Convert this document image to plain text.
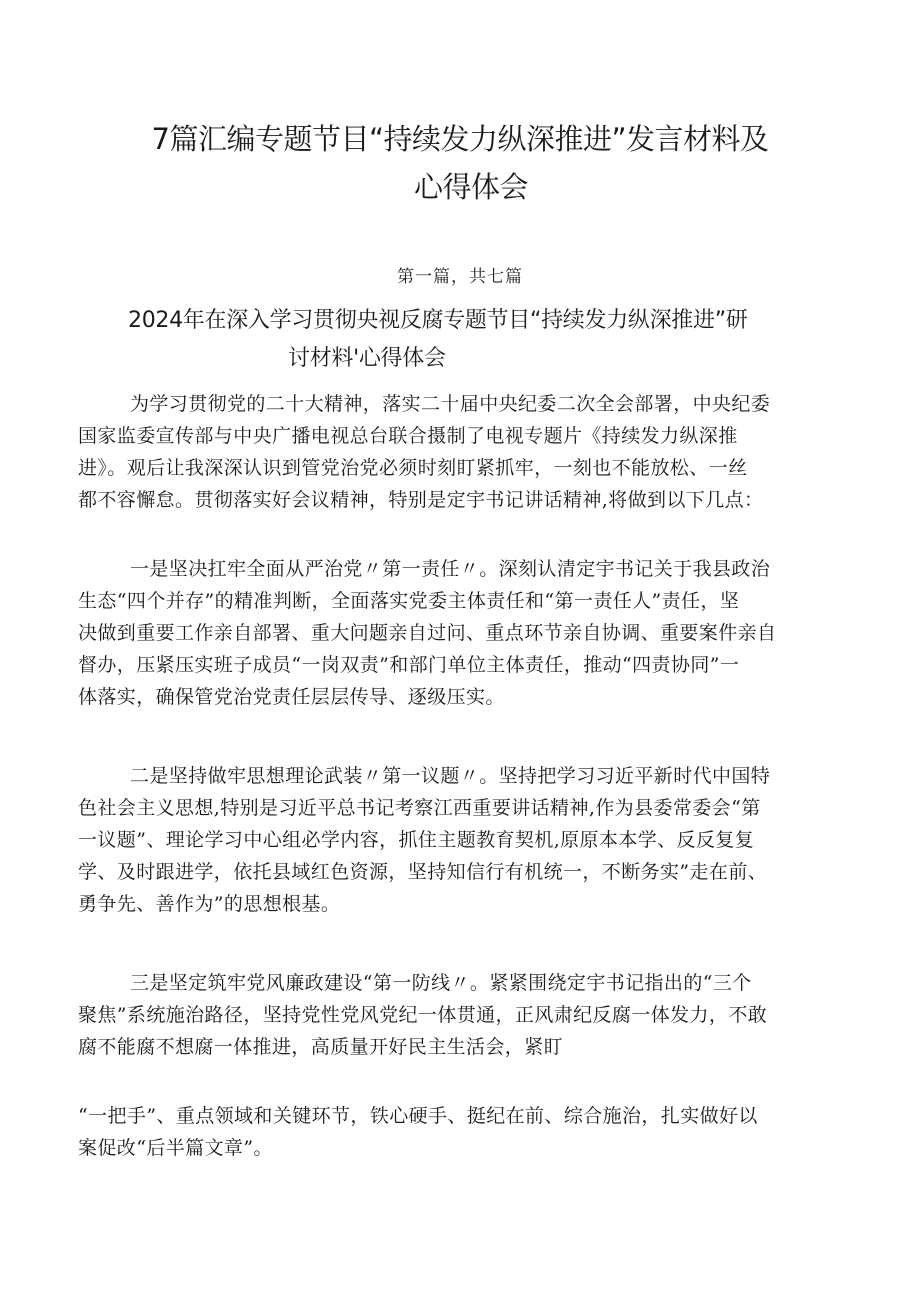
7篇汇编专题节目“持续发力纵深推进”发言材料及
心得体会
第一篇，共七篇
2024年在深入学习贯彻央视反腐专题节目“持续发力纵深推进”研
讨材料'心得体会
为学习贯彻党的二十大精神，落实二十届中央纪委二次全会部署，中央纪委
国家监委宣传部与中央广播电视总台联合摄制了电视专题片《持续发力纵深推
进》。观后让我深深认识到管党治党必须时刻盯紧抓牢，一刻也不能放松、一丝
都不容懈怠。贯彻落实好会议精神，特别是定宇书记讲话精神,将做到以下几点：
一是坚决扛牢全面从严治党〃第一责任〃。深刻认清定宇书记关于我县政治
生态“四个并存”的精准判断，全面落实党委主体责任和“第一责任人”责任，坚
决做到重要工作亲自部署、重大问题亲自过问、重点环节亲自协调、重要案件亲自
督办，压紧压实班子成员“一岗双责”和部门单位主体责任，推动“四责协同”一
体落实，确保管党治党责任层层传导、逐级压实。
二是坚持做牢思想理论武装〃第一议题〃。坚持把学习习近平新时代中国特
色社会主义思想,特别是习近平总书记考察江西重要讲话精神,作为县委常委会“第
一议题”、理论学习中心组必学内容，抓住主题教育契机,原原本本学、反反复复
学、及时跟进学，依托县域红色资源，坚持知信行有机统一，不断务实”走在前、
勇争先、善作为”的思想根基。
三是坚定筑牢党风廉政建设“第一防线〃。紧紧围绕定宇书记指出的“三个
聚焦”系统施治路径，坚持党性党风党纪一体贯通，正风肃纪反腐一体发力，不敢
腐不能腐不想腐一体推进，高质量开好民主生活会，紧盯
“一把手”、重点领域和关键环节，铁心硬手、挺纪在前、综合施治，扎实做好以
案促改“后半篇文章”。
